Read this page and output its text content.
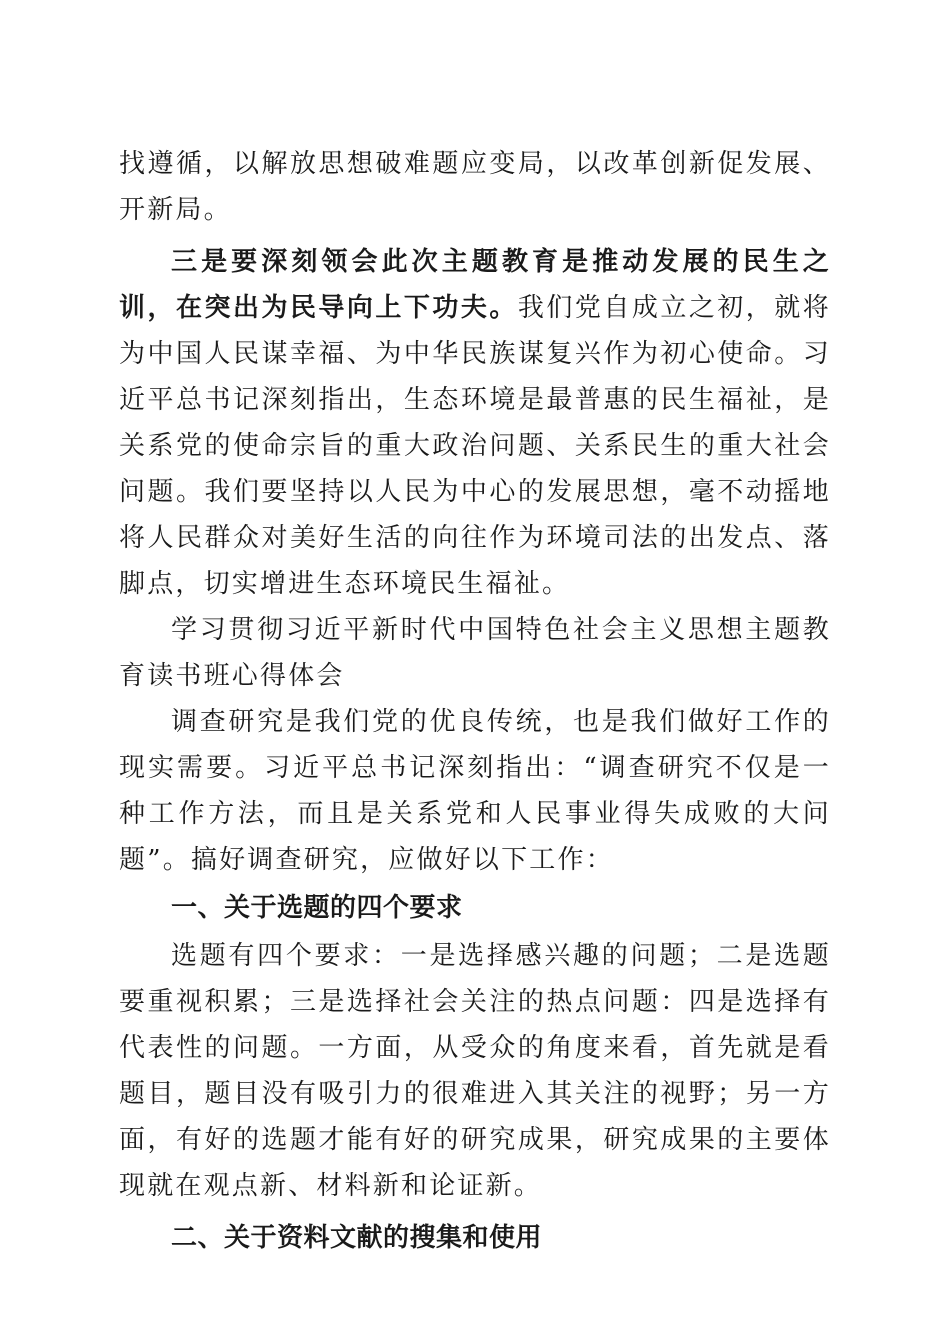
找遵循，以解放思想破难题应变局，以改革创新促发展、开新局。

三是要深刻领会此次主题教育是推动发展的民生之训，在突出为民导向上下功夫。我们党自成立之初，就将为中国人民谋幸福、为中华民族谋复兴作为初心使命。习近平总书记深刻指出，生态环境是最普惠的民生福祉，是关系党的使命宗旨的重大政治问题、关系民生的重大社会问题。我们要坚持以人民为中心的发展思想，毫不动摇地将人民群众对美好生活的向往作为环境司法的出发点、落脚点，切实增进生态环境民生福祉。

学习贯彻习近平新时代中国特色社会主义思想主题教育读书班心得体会

调查研究是我们党的优良传统，也是我们做好工作的现实需要。习近平总书记深刻指出：“调查研究不仅是一种工作方法，而且是关系党和人民事业得失成败的大问题”。搞好调查研究，应做好以下工作：

一、关于选题的四个要求

选题有四个要求：一是选择感兴趣的问题；二是选题要重视积累；三是选择社会关注的热点问题：四是选择有代表性的问题。一方面，从受众的角度来看，首先就是看题目，题目没有吸引力的很难进入其关注的视野；另一方面，有好的选题才能有好的研究成果，研究成果的主要体现就在观点新、材料新和论证新。

二、关于资料文献的搜集和使用
